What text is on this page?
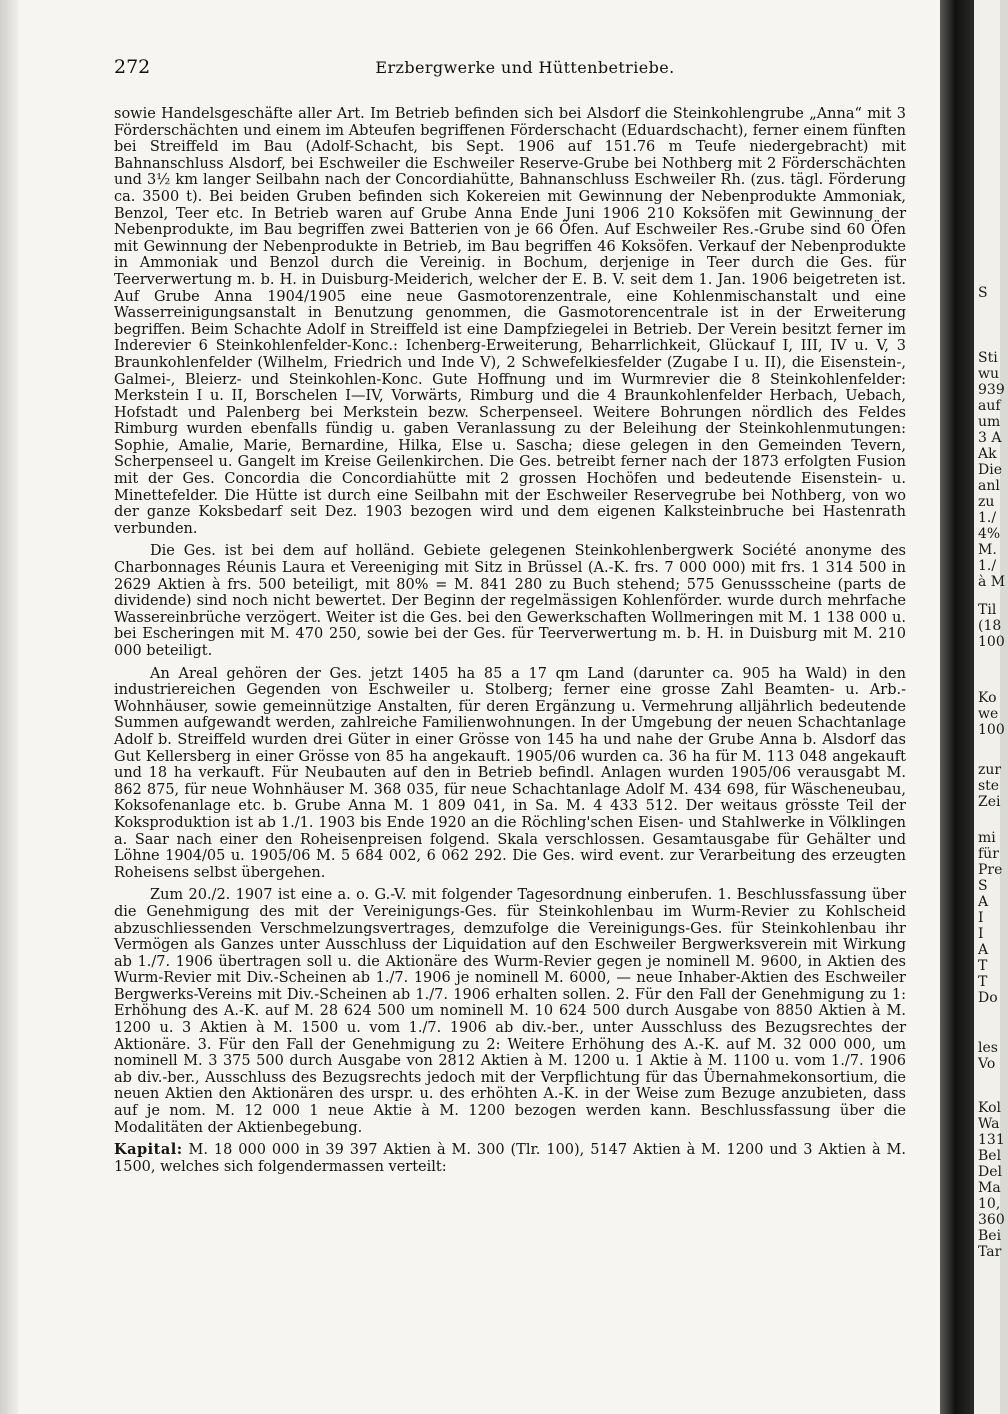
272	Erzbergwerke und Hüttenbetriebe.

sowie Handelsgeschäfte aller Art. Im Betrieb befinden sich bei Alsdorf die Steinkohlengrube „Anna“ mit 3 Förderschächten und einem im Abteufen begriffenen Förderschacht (Eduardschacht), ferner einem fünften bei Streiffeld im Bau (Adolf-Schacht, bis Sept. 1906 auf 151.76 m Teufe niedergebracht) mit Bahnanschluss Alsdorf, bei Eschweiler die Eschweiler Reserve-Grube bei Nothberg mit 2 Förderschächten und 3½ km langer Seilbahn nach der Concordiahütte, Bahnanschluss Eschweiler Rh. (zus. tägl. Förderung ca. 3500 t). Bei beiden Gruben befinden sich Kokereien mit Gewinnung der Nebenprodukte Ammoniak, Benzol, Teer etc. In Betrieb waren auf Grube Anna Ende Juni 1906 210 Koksöfen mit Gewinnung der Nebenprodukte, im Bau begriffen zwei Batterien von je 66 Öfen. Auf Eschweiler Res.-Grube sind 60 Öfen mit Gewinnung der Nebenprodukte in Betrieb, im Bau begriffen 46 Koksöfen. Verkauf der Nebenprodukte in Ammoniak und Benzol durch die Vereinig. in Bochum, derjenige in Teer durch die Ges. für Teerverwertung m. b. H. in Duisburg-Meiderich, welcher der E. B. V. seit dem 1. Jan. 1906 beigetreten ist. Auf Grube Anna 1904/1905 eine neue Gasmotorenzentrale, eine Kohlenmischanstalt und eine Wasserreinigungsanstalt in Benutzung genommen, die Gasmotorencentrale ist in der Erweiterung begriffen. Beim Schachte Adolf in Streiffeld ist eine Dampfziegelei in Betrieb. Der Verein besitzt ferner im Inderevier 6 Steinkohlenfelder-Konc.: Ichenberg-Erweiterung, Beharrlichkeit, Glückauf I, III, IV u. V, 3 Braunkohlenfelder (Wilhelm, Friedrich und Inde V), 2 Schwefelkiesfelder (Zugabe I u. II), die Eisenstein-, Galmei-, Bleierz- und Steinkohlen-Konc. Gute Hoffnung und im Wurmrevier die 8 Steinkohlenfelder: Merkstein I u. II, Borschelen I—IV, Vorwärts, Rimburg und die 4 Braunkohlenfelder Herbach, Uebach, Hofstadt und Palenberg bei Merkstein bezw. Scherpenseel. Weitere Bohrungen nördlich des Feldes Rimburg wurden ebenfalls fündig u. gaben Veranlassung zu der Beleihung der Steinkohlenmutungen: Sophie, Amalie, Marie, Bernardine, Hilka, Else u. Sascha; diese gelegen in den Gemeinden Tevern, Scherpenseel u. Gangelt im Kreise Geilenkirchen. Die Ges. betreibt ferner nach der 1873 erfolgten Fusion mit der Ges. Concordia die Concordiahütte mit 2 grossen Hochöfen und bedeutende Eisenstein- u. Minettefelder. Die Hütte ist durch eine Seilbahn mit der Eschweiler Reservegrube bei Nothberg, von wo der ganze Koksbedarf seit Dez. 1903 bezogen wird und dem eigenen Kalksteinbruche bei Hastenrath verbunden.

Die Ges. ist bei dem auf holländ. Gebiete gelegenen Steinkohlenbergwerk Société anonyme des Charbonnages Réunis Laura et Vereeniging mit Sitz in Brüssel (A.-K. frs. 7 000 000) mit frs. 1 314 500 in 2629 Aktien à frs. 500 beteiligt, mit 80% = M. 841 280 zu Buch stehend; 575 Genussscheine (parts de dividende) sind noch nicht bewertet. Der Beginn der regelmässigen Kohlenförder. wurde durch mehrfache Wassereinbrüche verzögert. Weiter ist die Ges. bei den Gewerkschaften Wollmeringen mit M. 1 138 000 u. bei Escheringen mit M. 470 250, sowie bei der Ges. für Teerverwertung m. b. H. in Duisburg mit M. 210 000 beteiligt.

An Areal gehören der Ges. jetzt 1405 ha 85 a 17 qm Land (darunter ca. 905 ha Wald) in den industriereichen Gegenden von Eschweiler u. Stolberg; ferner eine grosse Zahl Beamten- u. Arb.-Wohnhäuser, sowie gemeinnützige Anstalten, für deren Ergänzung u. Vermehrung alljährlich bedeutende Summen aufgewandt werden, zahlreiche Familienwohnungen. In der Umgebung der neuen Schachtanlage Adolf b. Streiffeld wurden drei Güter in einer Grösse von 145 ha und nahe der Grube Anna b. Alsdorf das Gut Kellersberg in einer Grösse von 85 ha angekauft. 1905/06 wurden ca. 36 ha für M. 113 048 angekauft und 18 ha verkauft. Für Neubauten auf den in Betrieb befindl. Anlagen wurden 1905/06 verausgabt M. 862 875, für neue Wohnhäuser M. 368 035, für neue Schachtanlage Adolf M. 434 698, für Wäscheneubau, Koksofenanlage etc. b. Grube Anna M. 1 809 041, in Sa. M. 4 433 512. Der weitaus grösste Teil der Koksproduktion ist ab 1./1. 1903 bis Ende 1920 an die Röchling'schen Eisen- und Stahlwerke in Völklingen a. Saar nach einer den Roheisenpreisen folgend. Skala verschlossen. Gesamtausgabe für Gehälter und Löhne 1904/05 u. 1905/06 M. 5 684 002, 6 062 292. Die Ges. wird event. zur Verarbeitung des erzeugten Roheisens selbst übergehen.

Zum 20./2. 1907 ist eine a. o. G.-V. mit folgender Tagesordnung einberufen. 1. Beschlussfassung über die Genehmigung des mit der Vereinigungs-Ges. für Steinkohlenbau im Wurm-Revier zu Kohlscheid abzuschliessenden Verschmelzungsvertrages, demzufolge die Vereinigungs-Ges. für Steinkohlenbau ihr Vermögen als Ganzes unter Ausschluss der Liquidation auf den Eschweiler Bergwerksverein mit Wirkung ab 1./7. 1906 übertragen soll u. die Aktionäre des Wurm-Revier gegen je nominell M. 9600, in Aktien des Wurm-Revier mit Div.-Scheinen ab 1./7. 1906 je nominell M. 6000, — neue Inhaber-Aktien des Eschweiler Bergwerks-Vereins mit Div.-Scheinen ab 1./7. 1906 erhalten sollen. 2. Für den Fall der Genehmigung zu 1: Erhöhung des A.-K. auf M. 28 624 500 um nominell M. 10 624 500 durch Ausgabe von 8850 Aktien à M. 1200 u. 3 Aktien à M. 1500 u. vom 1./7. 1906 ab div.-ber., unter Ausschluss des Bezugsrechtes der Aktionäre. 3. Für den Fall der Genehmigung zu 2: Weitere Erhöhung des A.-K. auf M. 32 000 000, um nominell M. 3 375 500 durch Ausgabe von 2812 Aktien à M. 1200 u. 1 Aktie à M. 1100 u. vom 1./7. 1906 ab div.-ber., Ausschluss des Bezugsrechts jedoch mit der Verpflichtung für das Übernahmekonsortium, die neuen Aktien den Aktionären des urspr. u. des erhöhten A.-K. in der Weise zum Bezuge anzubieten, dass auf je nom. M. 12 000 1 neue Aktie à M. 1200 bezogen werden kann. Beschlussfassung über die Modalitäten der Aktienbegebung.

Kapital: M. 18 000 000 in 39 397 Aktien à M. 300 (Tlr. 100), 5147 Aktien à M. 1200 und 3 Aktien à M. 1500, welches sich folgendermassen verteilt:

S
Sti
wu
939
auf
um
3 A
Ak
Die
anl
zu
1./
4%
M.
1./
à M
Til
(18
100
Ko
we
100
zur
ste
Zei
mi
für
Pre
S
A
I
I
A
T
T
Do
les
Vo
Kol
Wa
131
Bel
Del
Ma
10,
360
Bei
Tar
